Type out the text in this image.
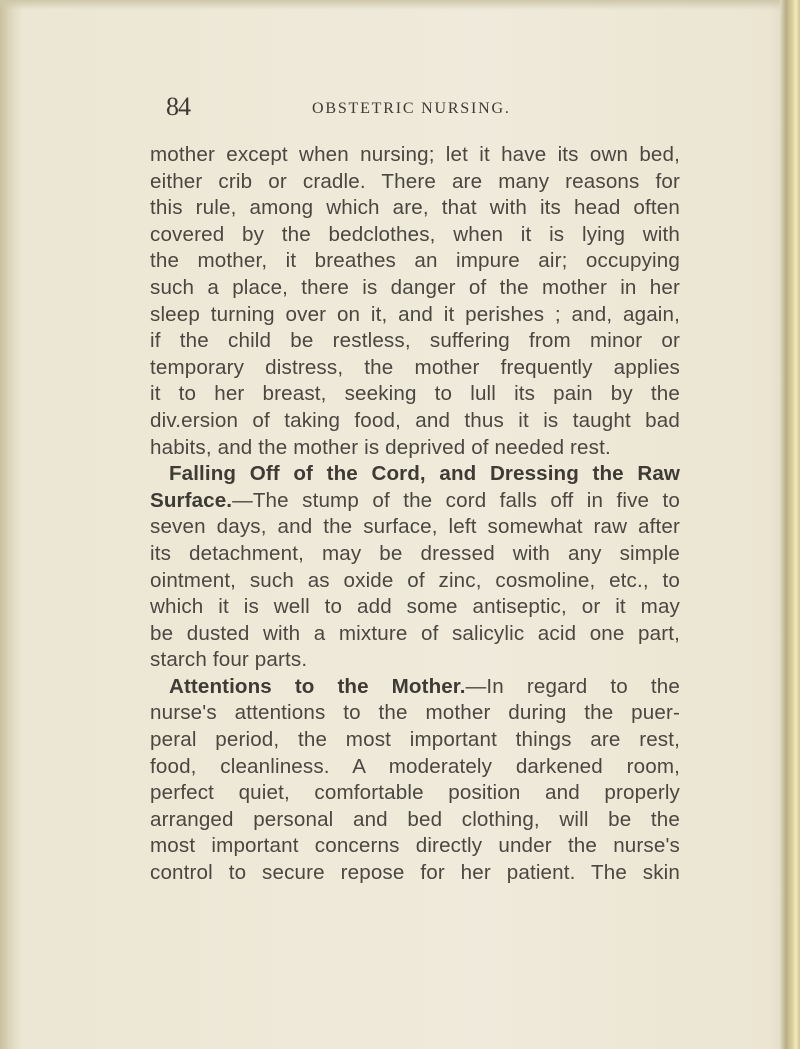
84	OBSTETRIC NURSING.
mother except when nursing; let it have its own bed,
either crib or cradle. There are many reasons for
this rule, among which are, that with its head often
covered by the bedclothes, when it is lying with
the mother, it breathes an impure air; occupying
such a place, there is danger of the mother in her
sleep turning over on it, and it perishes ; and, again,
if the child be restless, suffering from minor or
temporary distress, the mother frequently applies
it to her breast, seeking to lull its pain by the
div.ersion of taking food, and thus it is taught bad
habits, and the mother is deprived of needed rest.
Falling Off of the Cord, and Dressing the Raw
Surface.—The stump of the cord falls off in five to
seven days, and the surface, left somewhat raw after
its detachment, may be dressed with any simple
ointment, such as oxide of zinc, cosmoline, etc., to
which it is well to add some antiseptic, or it may
be dusted with a mixture of salicylic acid one part,
starch four parts.
Attentions to the Mother.—In regard to the
nurse's attentions to the mother during the puer-
peral period, the most important things are rest,
food, cleanliness. A moderately darkened room,
perfect quiet, comfortable position and properly
arranged personal and bed clothing, will be the
most important concerns directly under the nurse's
control to secure repose for her patient. The skin
